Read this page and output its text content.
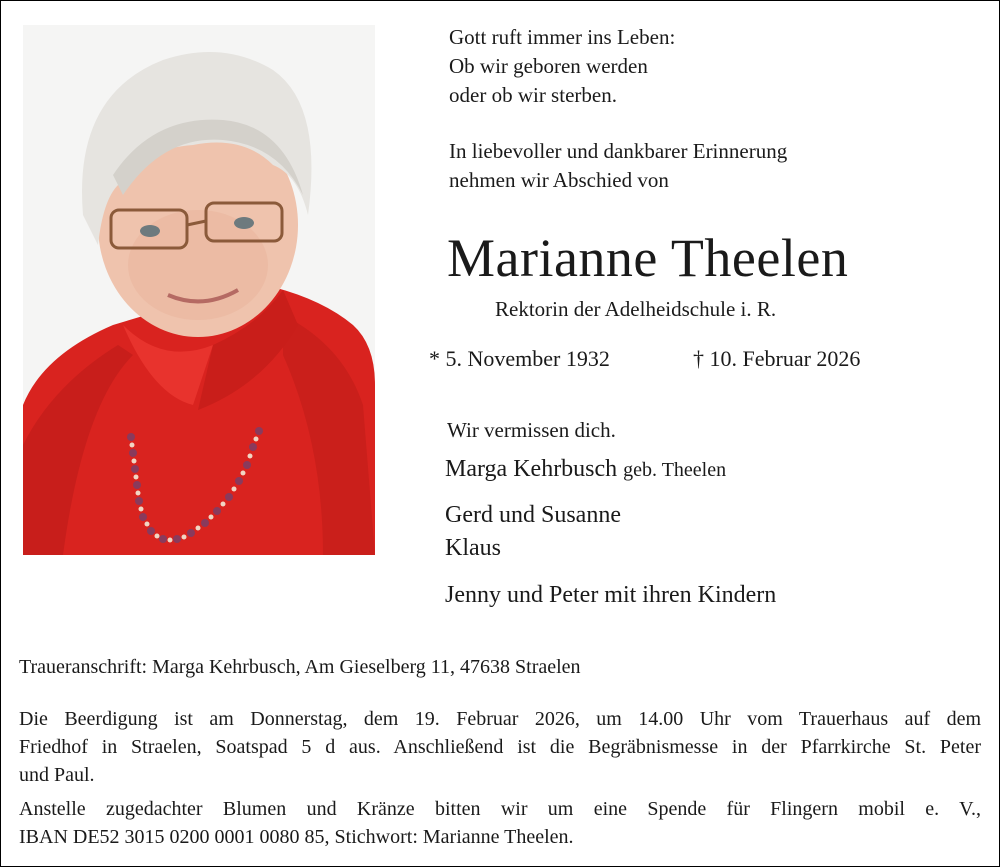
Gott ruft immer ins Leben:
Ob wir geboren werden
oder ob wir sterben.
In liebevoller und dankbarer Erinnerung
nehmen wir Abschied von
Marianne Theelen
Rektorin der Adelheidschule i. R.
* 5. November 1932	† 10. Februar 2026
Wir vermissen dich.
Marga Kehrbusch geb. Theelen
Gerd und Susanne
Klaus
Jenny und Peter mit ihren Kindern
Traueranschrift: Marga Kehrbusch, Am Gieselberg 11, 47638 Straelen
Die Beerdigung ist am Donnerstag, dem 19. Februar 2026, um 14.00 Uhr vom Trauerhaus auf dem
Friedhof in Straelen, Soatspad 5 d aus. Anschließend ist die Begräbnismesse in der Pfarrkirche St. Peter
und Paul.
Anstelle zugedachter Blumen und Kränze bitten wir um eine Spende für Flingern mobil e. V.,
IBAN DE52 3015 0200 0001 0080 85, Stichwort: Marianne Theelen.
